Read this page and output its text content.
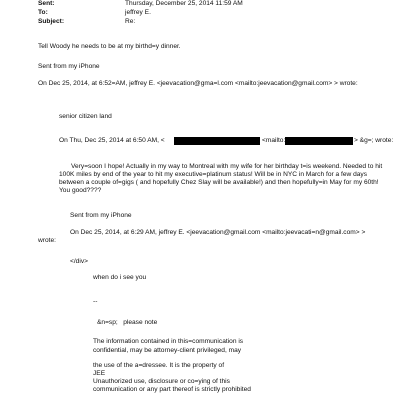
Sent:	Thursday, December 25, 2014 11:59 AM
To:	jeffrey E.
Subject:	Re:
Tell Woody he needs to be at my birthd=y dinner.
Sent from my iPhone
On Dec 25, 2014, at 6:52=AM, jeffrey E. <jeevacation@gma=l.com <mailto:jeevacation@gmail.com> > wrote:
senior citizen land
On Thu, Dec 25, 2014 at 6:50 AM, <	<mailto:	> &g=; wrote:
Very=soon I hope! Actually in my way to Montreal with my wife for her birthday t=is weekend. Needed to hit 100K miles by end of the year to hit my executive=platinum status! Will be in NYC in March for a few days between a couple of=gigs ( and hopefully Chez Slay will be available!) and then hopefully=in May for my 60th! You good????
Sent from my iPhone
On Dec 25, 2014, at 6:29 AM, jeffrey E. <jeevacation@gmail.com <mailto:jeevacati=n@gmail.com> >
wrote:
</div>
when do i see you
--
&n=sp;   please note
The information contained in this=communication is
confidential, may be attorney-client privileged, may
the use of the a=dressee. It is the property of
JEE
Unauthorized use, disclosure or co=ying of this
communication or any part thereof is strictly prohibited
